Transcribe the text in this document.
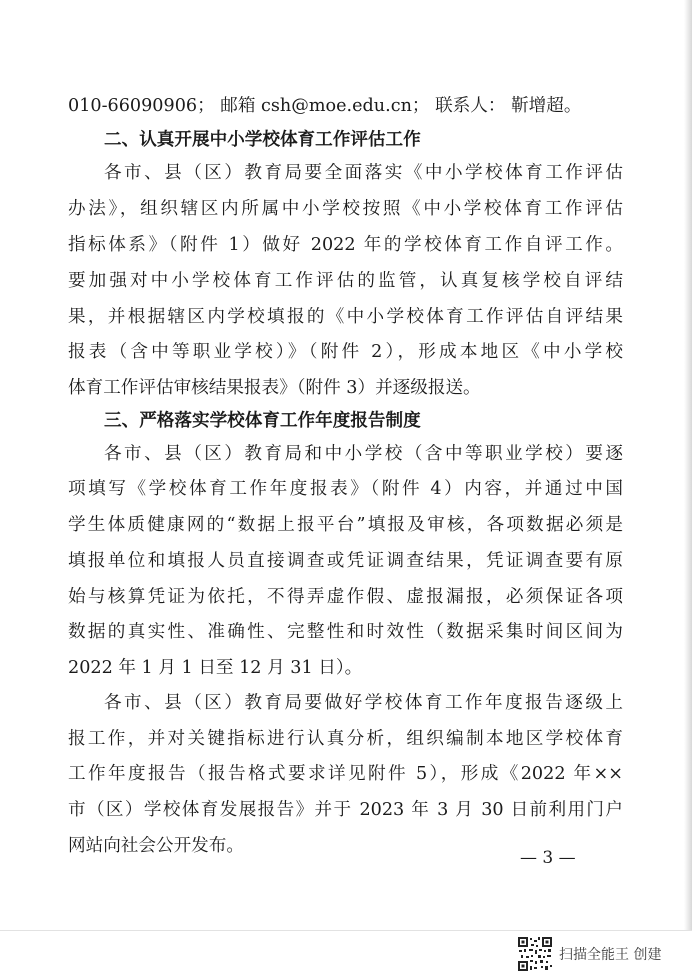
010-66090906； 邮箱 csh@moe.edu.cn； 联系人： 靳增超。
二、认真开展中小学校体育工作评估工作
各市、县（区）教育局要全面落实《中小学校体育工作评估
办法》，组织辖区内所属中小学校按照《中小学校体育工作评估
指标体系》（附件 1）做好 2022 年的学校体育工作自评工作。
要加强对中小学校体育工作评估的监管，认真复核学校自评结
果，并根据辖区内学校填报的《中小学校体育工作评估自评结果
报表（含中等职业学校）》（附件 2），形成本地区《中小学校
体育工作评估审核结果报表》（附件 3）并逐级报送。
三、严格落实学校体育工作年度报告制度
各市、县（区）教育局和中小学校（含中等职业学校）要逐
项填写《学校体育工作年度报表》（附件 4）内容，并通过中国
学生体质健康网的“数据上报平台”填报及审核，各项数据必须是
填报单位和填报人员直接调查或凭证调查结果，凭证调查要有原
始与核算凭证为依托，不得弄虚作假、虚报漏报，必须保证各项
数据的真实性、准确性、完整性和时效性（数据采集时间区间为
2022 年 1 月 1 日至 12 月 31 日）。
各市、县（区）教育局要做好学校体育工作年度报告逐级上
报工作，并对关键指标进行认真分析，组织编制本地区学校体育
工作年度报告（报告格式要求详见附件 5），形成《2022 年××
市（区）学校体育发展报告》并于 2023 年 3 月 30 日前利用门户
网站向社会公开发布。
— 3 —
扫描全能王 创建
